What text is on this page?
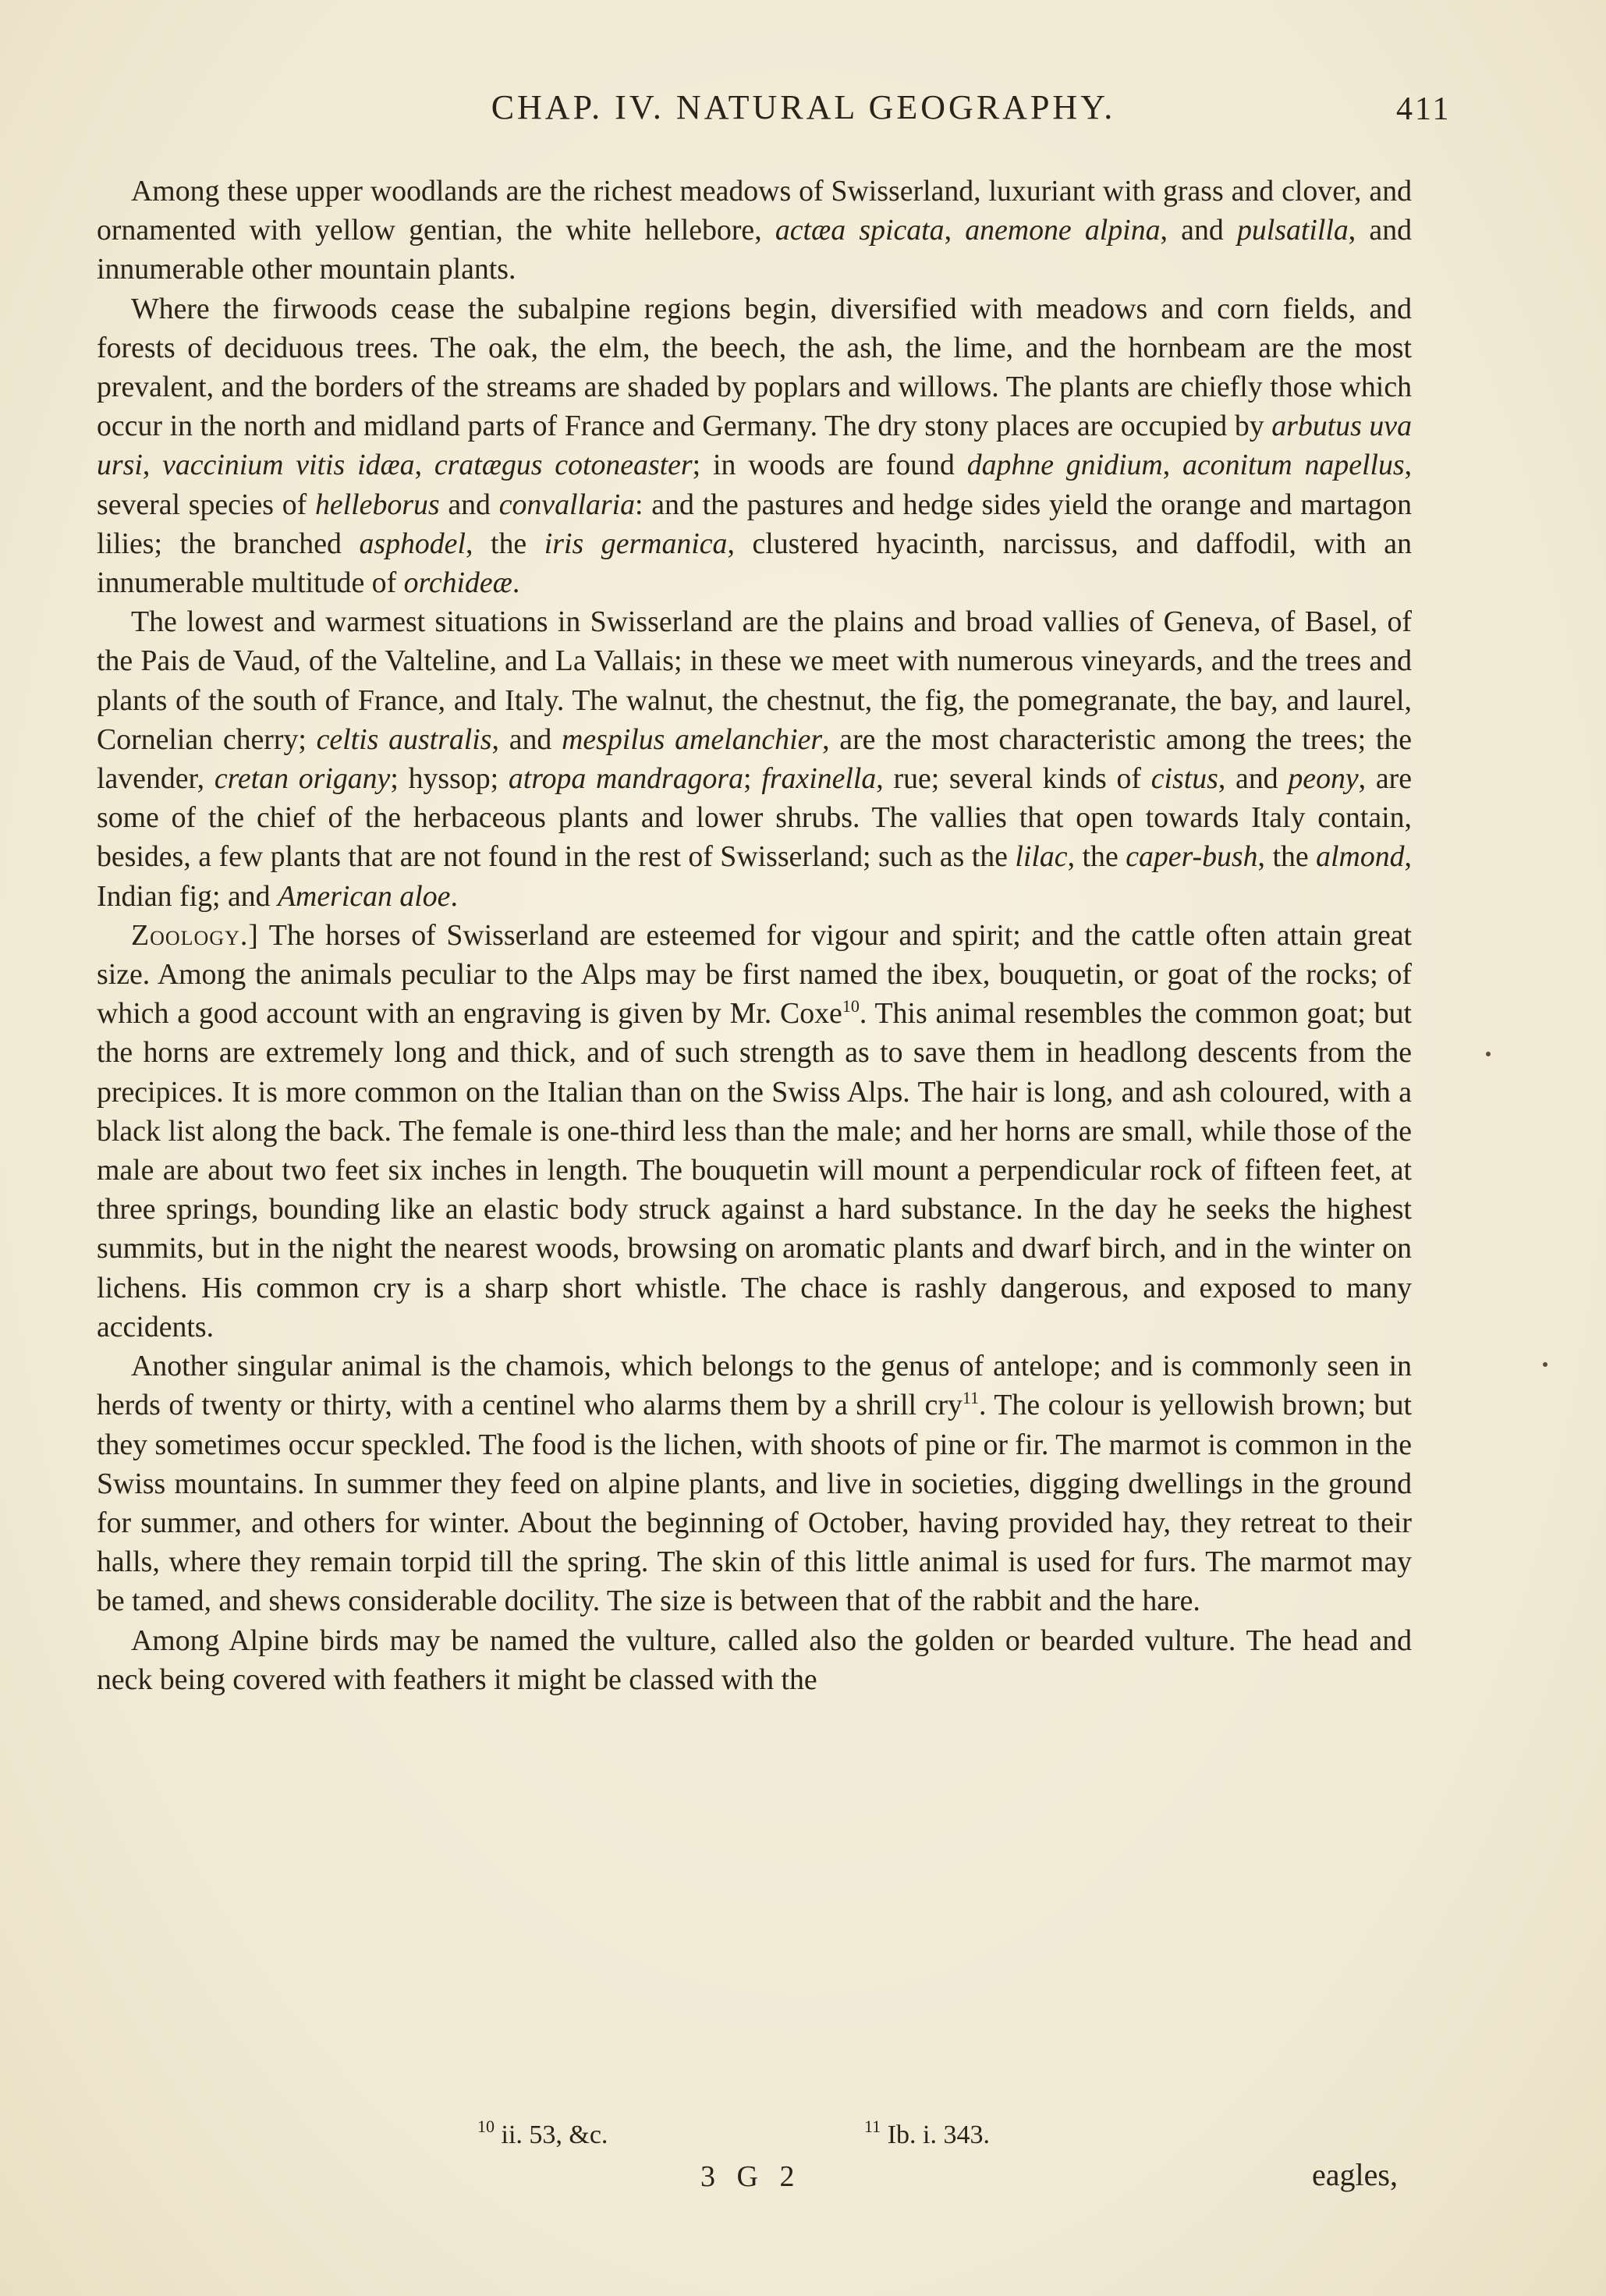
CHAP. IV. NATURAL GEOGRAPHY.	411

Among these upper woodlands are the richest meadows of Swisserland, luxuriant with grass and clover, and ornamented with yellow gentian, the white hellebore, actæa spicata, anemone alpina, and pulsatilla, and innumerable other mountain plants.

Where the firwoods cease the subalpine regions begin, diversified with meadows and corn fields, and forests of deciduous trees. The oak, the elm, the beech, the ash, the lime, and the hornbeam are the most prevalent, and the borders of the streams are shaded by poplars and willows. The plants are chiefly those which occur in the north and midland parts of France and Germany. The dry stony places are occupied by arbutus uva ursi, vaccinium vitis idæa, cratægus cotoneaster; in woods are found daphne gnidium, aconitum napellus, several species of helleborus and convallaria: and the pastures and hedge sides yield the orange and martagon lilies; the branched asphodel, the iris germanica, clustered hyacinth, narcissus, and daffodil, with an innumerable multitude of orchideæ.

The lowest and warmest situations in Swisserland are the plains and broad vallies of Geneva, of Basel, of the Pais de Vaud, of the Valteline, and La Vallais; in these we meet with numerous vineyards, and the trees and plants of the south of France, and Italy. The walnut, the chestnut, the fig, the pomegranate, the bay, and laurel, Cornelian cherry; celtis australis, and mespilus amelanchier, are the most characteristic among the trees; the lavender, cretan origany; hyssop; atropa mandragora; fraxinella, rue; several kinds of cistus, and peony, are some of the chief of the herbaceous plants and lower shrubs. The vallies that open towards Italy contain, besides, a few plants that are not found in the rest of Swisserland; such as the lilac, the caper-bush, the almond, Indian fig; and American aloe.

Zoology.] The horses of Swisserland are esteemed for vigour and spirit; and the cattle often attain great size. Among the animals peculiar to the Alps may be first named the ibex, bouquetin, or goat of the rocks; of which a good account with an engraving is given by Mr. Coxe$^{10}$. This animal resembles the common goat; but the horns are extremely long and thick, and of such strength as to save them in headlong descents from the precipices. It is more common on the Italian than on the Swiss Alps. The hair is long, and ash coloured, with a black list along the back. The female is one-third less than the male; and her horns are small, while those of the male are about two feet six inches in length. The bouquetin will mount a perpendicular rock of fifteen feet, at three springs, bounding like an elastic body struck against a hard substance. In the day he seeks the highest summits, but in the night the nearest woods, browsing on aromatic plants and dwarf birch, and in the winter on lichens. His common cry is a sharp short whistle. The chace is rashly dangerous, and exposed to many accidents.

Another singular animal is the chamois, which belongs to the genus of antelope; and is commonly seen in herds of twenty or thirty, with a centinel who alarms them by a shrill cry$^{11}$. The colour is yellowish brown; but they sometimes occur speckled. The food is the lichen, with shoots of pine or fir. The marmot is common in the Swiss mountains. In summer they feed on alpine plants, and live in societies, digging dwellings in the ground for summer, and others for winter. About the beginning of October, having provided hay, they retreat to their halls, where they remain torpid till the spring. The skin of this little animal is used for furs. The marmot may be tamed, and shews considerable docility. The size is between that of the rabbit and the hare.

Among Alpine birds may be named the vulture, called also the golden or bearded vulture. The head and neck being covered with feathers it might be classed with the

$^{10}$ ii. 53, &c.	$^{11}$ Ib. i. 343.
3 G 2	eagles,
